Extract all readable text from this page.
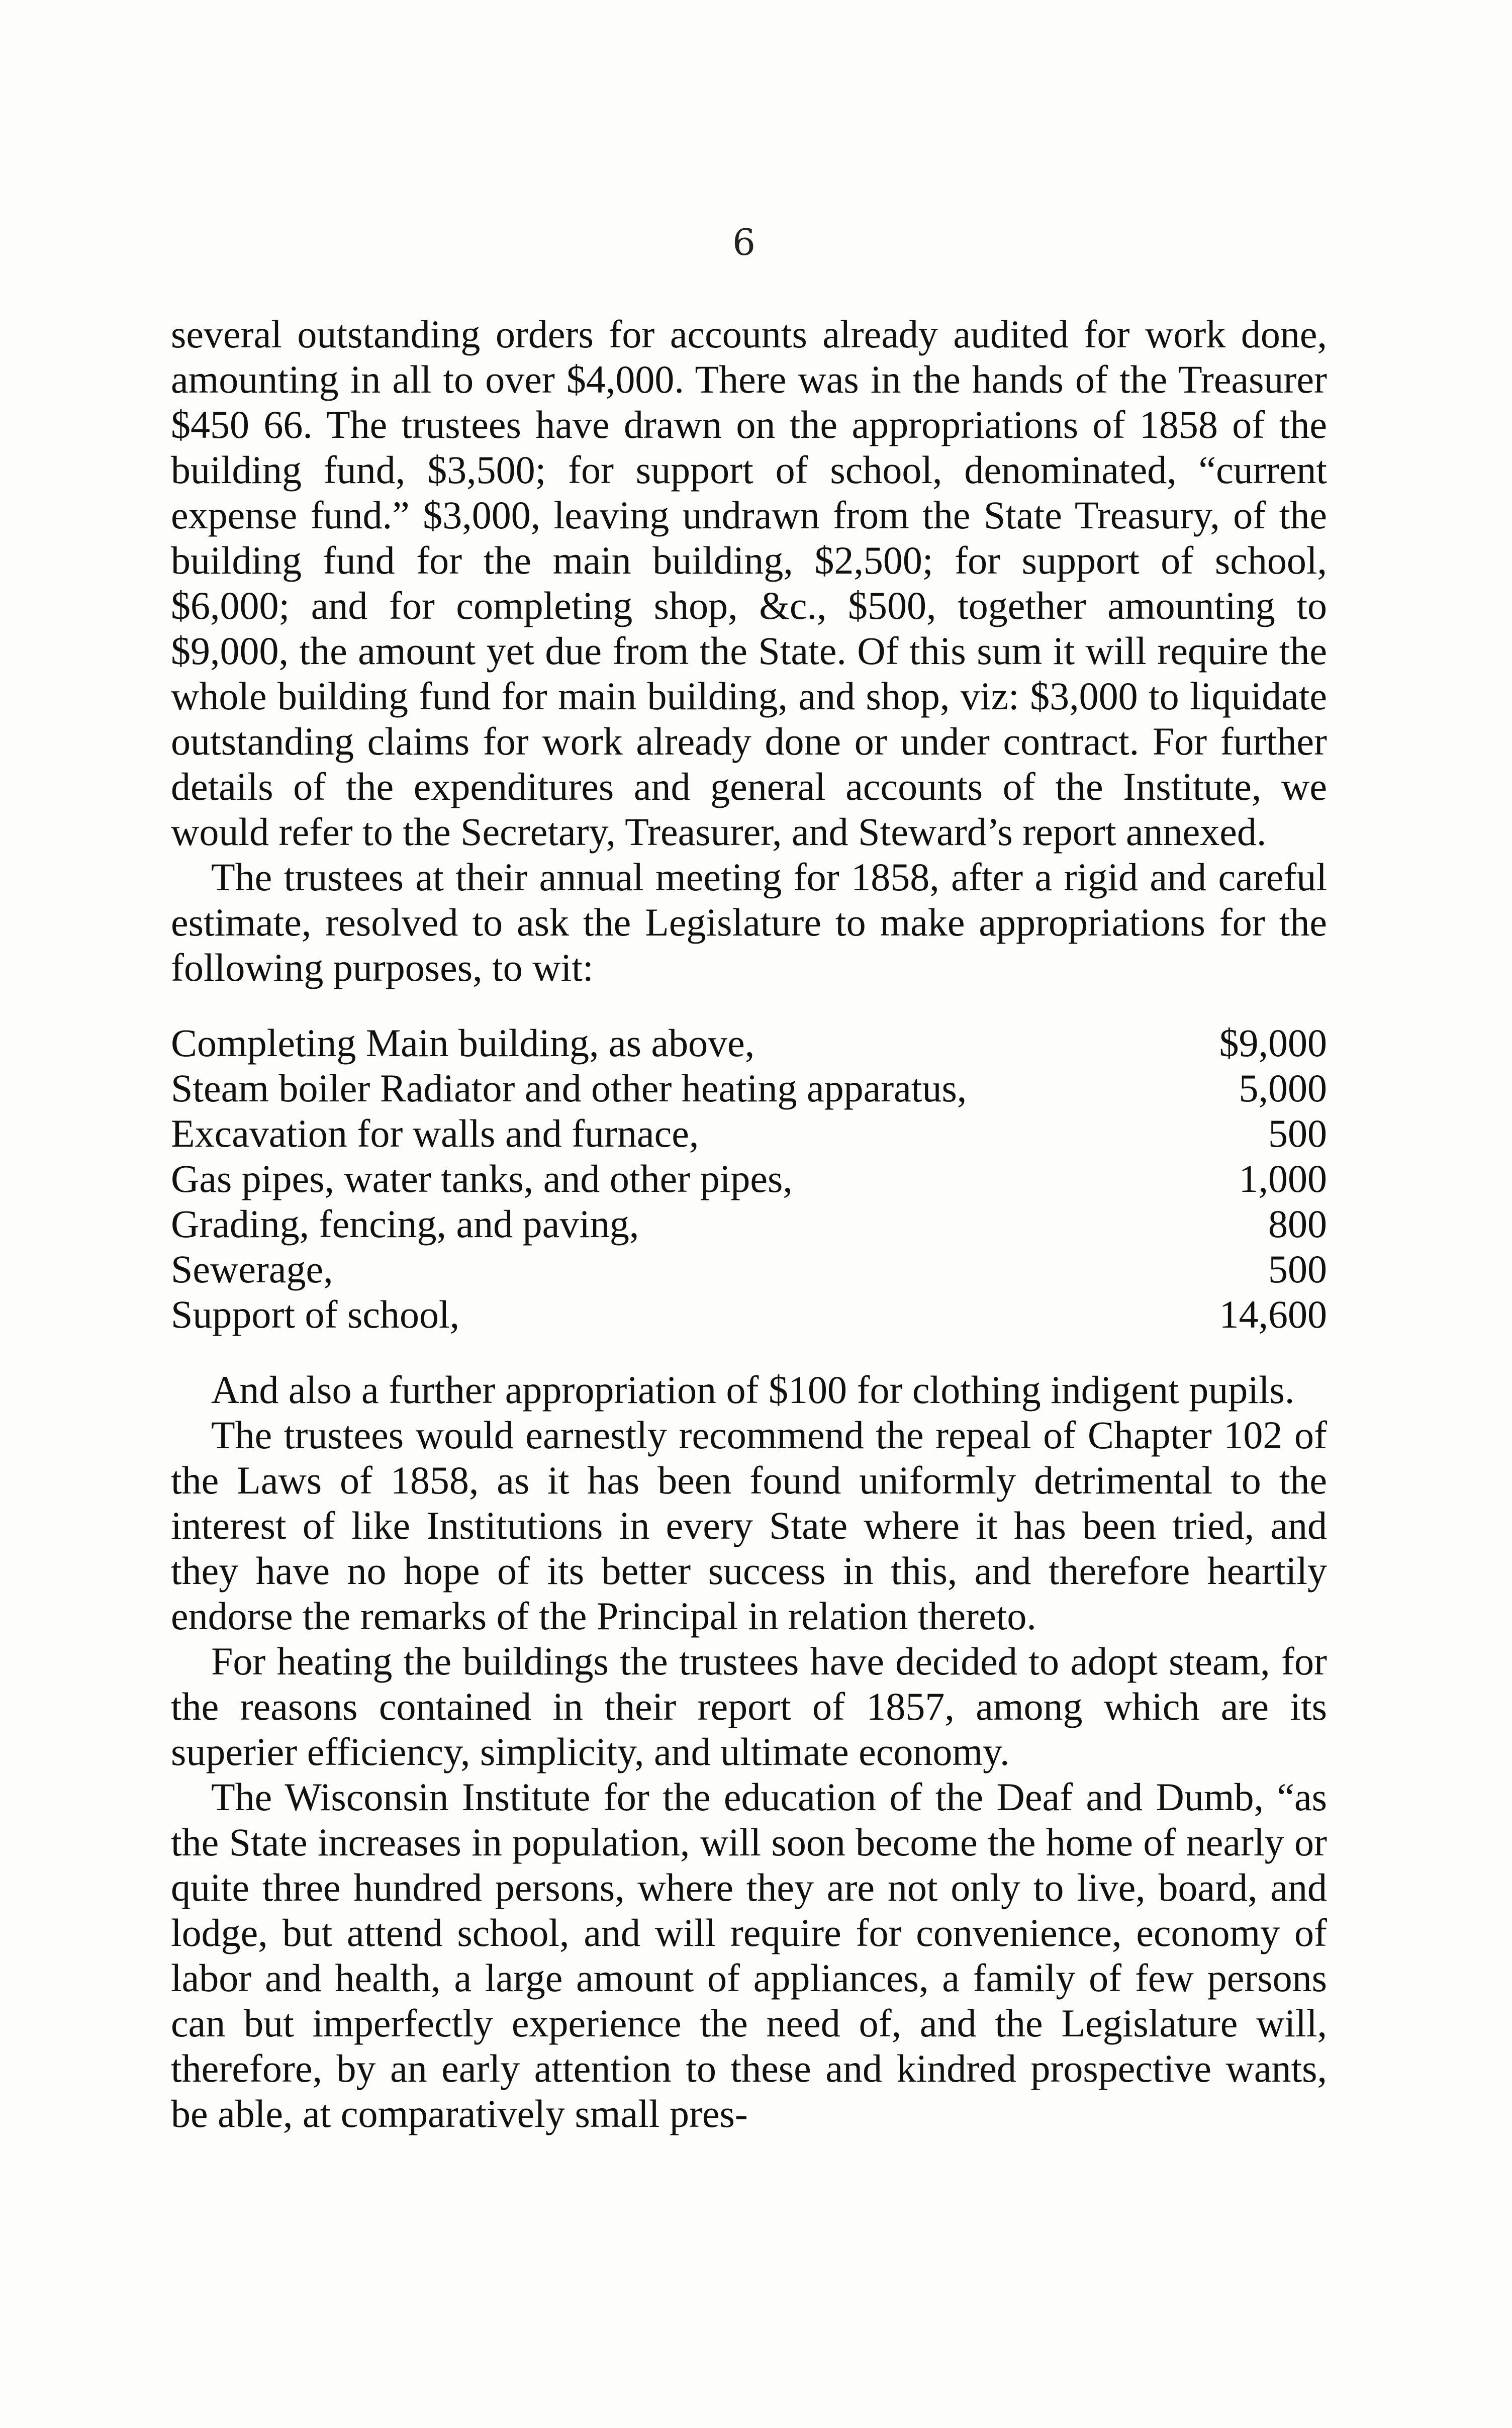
6

several outstanding orders for accounts already audited for work done, amounting in all to over $4,000. There was in the hands of the Treasurer $450 66. The trustees have drawn on the appropriations of 1858 of the building fund, $3,500; for support of school, denominated, “current expense fund.” $3,000, leaving undrawn from the State Treasury, of the building fund for the main building, $2,500; for support of school, $6,000; and for completing shop, &c., $500, together amounting to $9,000, the amount yet due from the State. Of this sum it will require the whole building fund for main building, and shop, viz: $3,000 to liquidate outstanding claims for work already done or under contract. For further details of the expenditures and general accounts of the Institute, we would refer to the Secretary, Treasurer, and Steward’s report annexed.

The trustees at their annual meeting for 1858, after a rigid and careful estimate, resolved to ask the Legislature to make appropriations for the following purposes, to wit:

Completing Main building, as above,	$9,000
Steam boiler Radiator and other heating apparatus,	5,000
Excavation for walls and furnace,	500
Gas pipes, water tanks, and other pipes,	1,000
Grading, fencing, and paving,	800
Sewerage,	500
Support of school,	14,600

And also a further appropriation of $100 for clothing indigent pupils.

The trustees would earnestly recommend the repeal of Chapter 102 of the Laws of 1858, as it has been found uniformly detrimental to the interest of like Institutions in every State where it has been tried, and they have no hope of its better success in this, and therefore heartily endorse the remarks of the Principal in relation thereto.

For heating the buildings the trustees have decided to adopt steam, for the reasons contained in their report of 1857, among which are its superier efficiency, simplicity, and ultimate economy.

The Wisconsin Institute for the education of the Deaf and Dumb, “as the State increases in population, will soon become the home of nearly or quite three hundred persons, where they are not only to live, board, and lodge, but attend school, and will require for convenience, economy of labor and health, a large amount of appliances, a family of few persons can but imperfectly experience the need of, and the Legislature will, therefore, by an early attention to these and kindred prospective wants, be able, at comparatively small pres-
